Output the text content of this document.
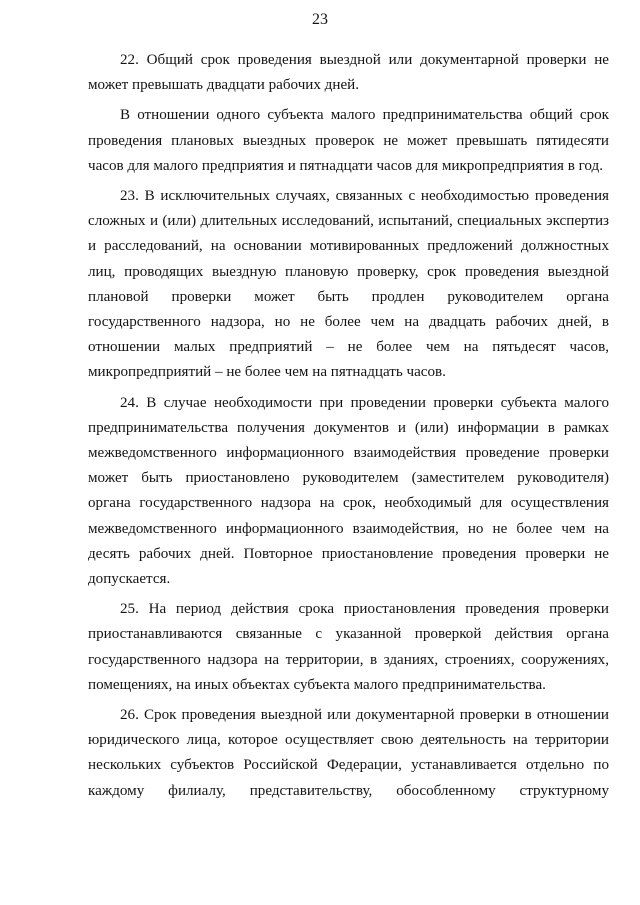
23

22. Общий срок проведения выездной или документарной проверки не может превышать двадцати рабочих дней.

В отношении одного субъекта малого предпринимательства общий срок проведения плановых выездных проверок не может превышать пятидесяти часов для малого предприятия и пятнадцати часов для микропредприятия в год.

23. В исключительных случаях, связанных с необходимостью проведения сложных и (или) длительных исследований, испытаний, специальных экспертиз и расследований, на основании мотивированных предложений должностных лиц, проводящих выездную плановую проверку, срок проведения выездной плановой проверки может быть продлен руководителем органа государственного надзора, но не более чем на двадцать рабочих дней, в отношении малых предприятий – не более чем на пятьдесят часов, микропредприятий – не более чем на пятнадцать часов.

24. В случае необходимости при проведении проверки субъекта малого предпринимательства получения документов и (или) информации в рамках межведомственного информационного взаимодействия проведение проверки может быть приостановлено руководителем (заместителем руководителя) органа государственного надзора на срок, необходимый для осуществления межведомственного информационного взаимодействия, но не более чем на десять рабочих дней. Повторное приостановление проведения проверки не допускается.

25. На период действия срока приостановления проведения проверки приостанавливаются связанные с указанной проверкой действия органа государственного надзора на территории, в зданиях, строениях, сооружениях, помещениях, на иных объектах субъекта малого предпринимательства.

26. Срок проведения выездной или документарной проверки в отношении юридического лица, которое осуществляет свою деятельность на территории нескольких субъектов Российской Федерации, устанавливается отдельно по каждому филиалу, представительству, обособленному структурному
